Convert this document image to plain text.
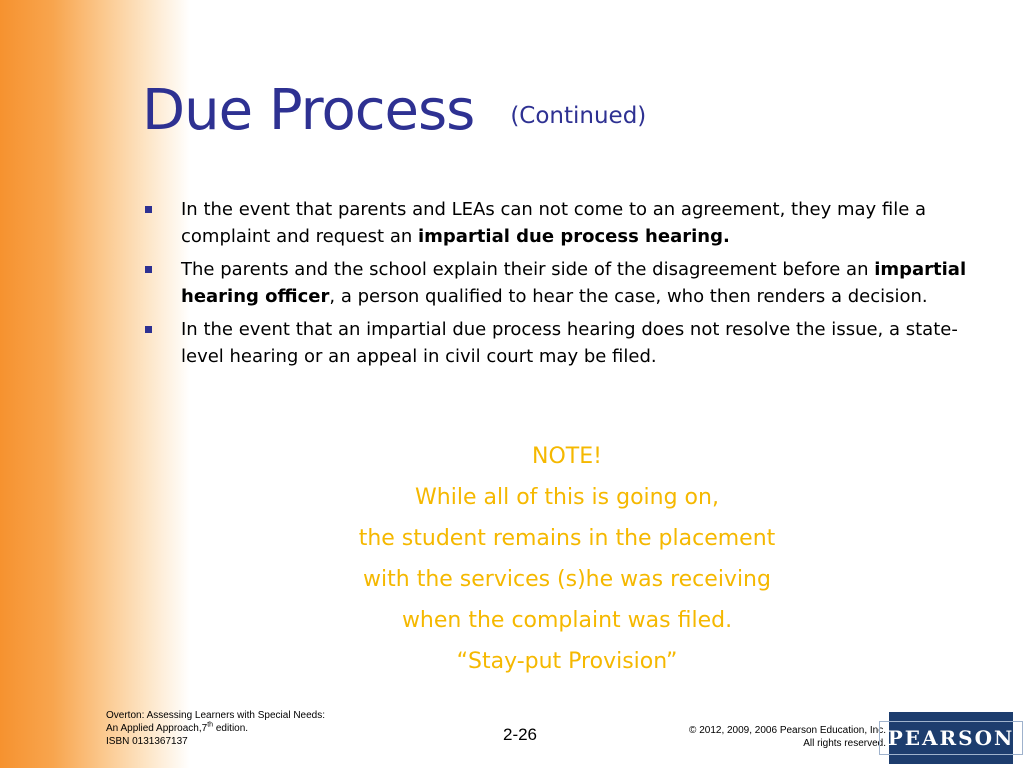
Due Process (Continued)
In the event that parents and LEAs can not come to an agreement, they may file a complaint and request an impartial due process hearing.
The parents and the school explain their side of the disagreement before an impartial hearing officer, a person qualified to hear the case, who then renders a decision.
In the event that an impartial due process hearing does not resolve the issue, a state-level hearing or an appeal in civil court may be filed.
NOTE!
While all of this is going on,
the student remains in the placement
with the services (s)he was receiving
when the complaint was filed.
“Stay-put Provision”
Overton: Assessing Learners with Special Needs:
An Applied Approach,7th edition.
ISBN 0131367137	2-26	© 2012, 2009, 2006 Pearson Education, Inc.
All rights reserved. PEARSON
